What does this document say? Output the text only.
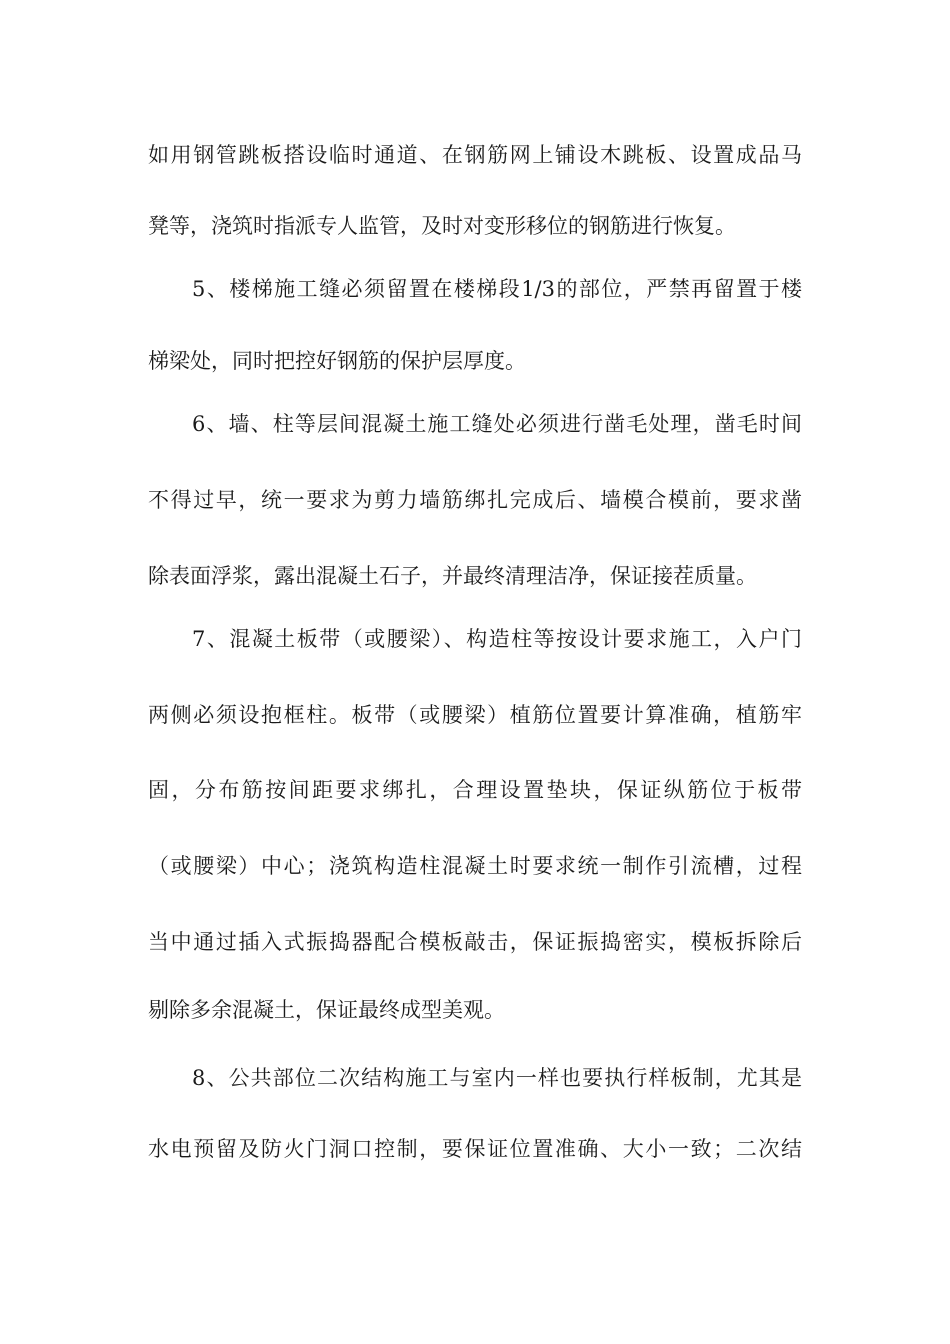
如用钢管跳板搭设临时通道、在钢筋网上铺设木跳板、设置成品马
凳等，浇筑时指派专人监管，及时对变形移位的钢筋进行恢复。
5、楼梯施工缝必须留置在楼梯段1/3的部位，严禁再留置于楼
梯梁处，同时把控好钢筋的保护层厚度。
6、墙、柱等层间混凝土施工缝处必须进行凿毛处理，凿毛时间
不得过早，统一要求为剪力墙筋绑扎完成后、墙模合模前，要求凿
除表面浮浆，露出混凝土石子，并最终清理洁净，保证接茬质量。
7、混凝土板带（或腰梁）、构造柱等按设计要求施工，入户门
两侧必须设抱框柱。板带（或腰梁）植筋位置要计算准确，植筋牢
固，分布筋按间距要求绑扎，合理设置垫块，保证纵筋位于板带
（或腰梁）中心；浇筑构造柱混凝土时要求统一制作引流槽，过程
当中通过插入式振捣器配合模板敲击，保证振捣密实，模板拆除后
剔除多余混凝土，保证最终成型美观。
8、公共部位二次结构施工与室内一样也要执行样板制，尤其是
水电预留及防火门洞口控制，要保证位置准确、大小一致；二次结
